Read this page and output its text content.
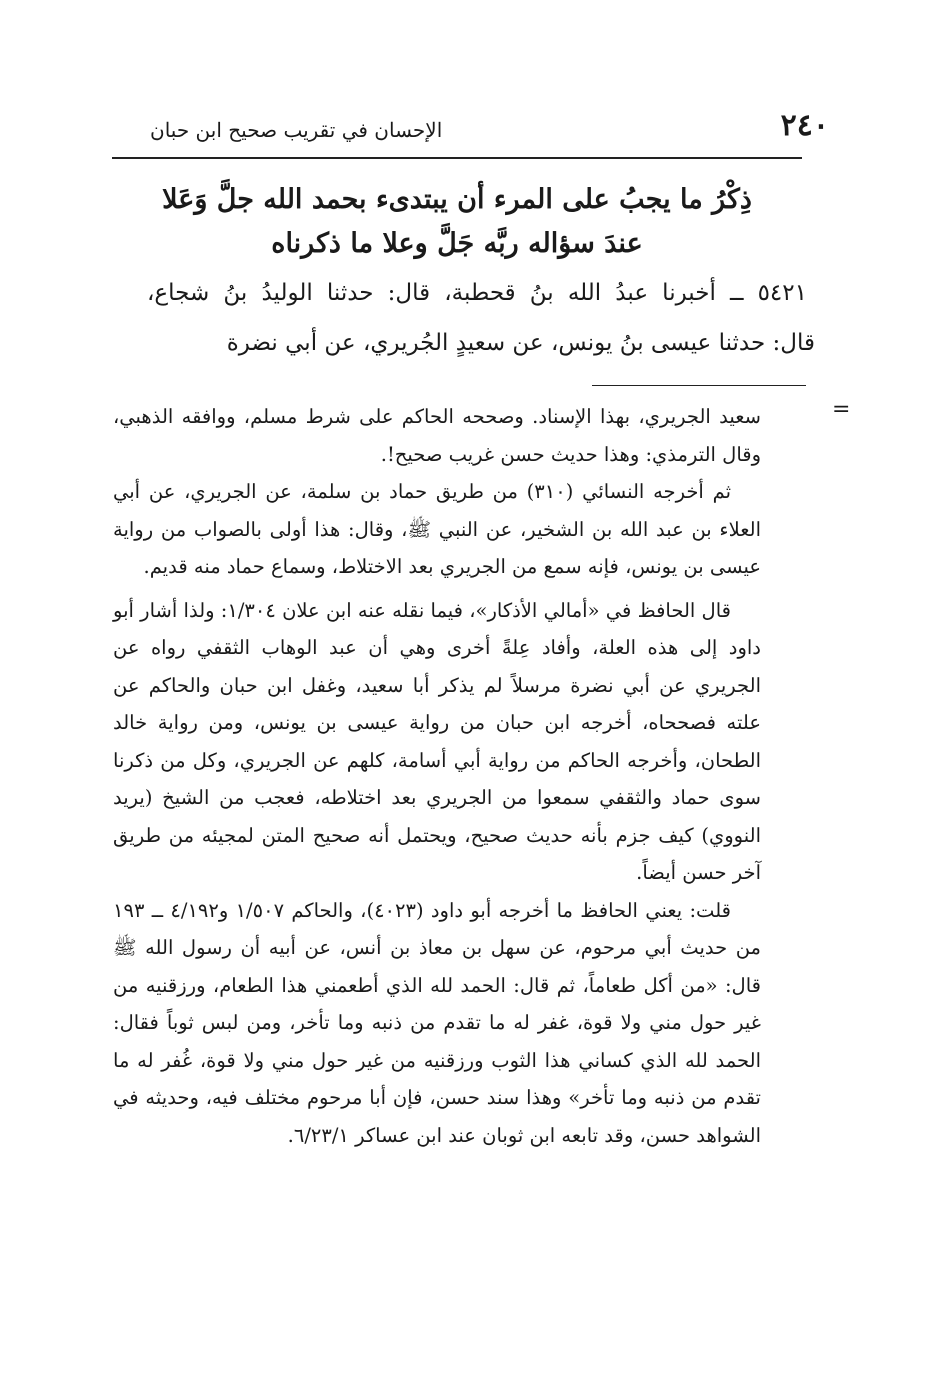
٢٤٠
الإحسان في تقريب صحيح ابن حبان
ذِكْرُ ما يجبُ على المرء أن يبتدىء بحمد الله جلَّ وَعَلا
عندَ سؤاله ربَّه جَلَّ وعلا ما ذكرناه
٥٤٢١ ــ أخبرنا عبدُ الله بنُ قحطبة، قال: حدثنا الوليدُ بنُ شجاع،
قال: حدثنا عيسى بنُ يونس، عن سعيدٍ الجُريري، عن أبي نضرة
=

سعيد الجريري، بهذا الإسناد. وصححه الحاكم على شرط مسلم، ووافقه الذهبي، وقال الترمذي: وهذا حديث حسن غريب صحيح!.

ثم أخرجه النسائي (٣١٠) من طريق حماد بن سلمة، عن الجريري، عن أبي العلاء بن عبد الله بن الشخير، عن النبي ﷺ، وقال: هذا أولى بالصواب من رواية عيسى بن يونس، فإنه سمع من الجريري بعد الاختلاط، وسماع حماد منه قديم.

قال الحافظ في «أمالي الأذكار»، فيما نقله عنه ابن علان ١/٣٠٤: ولذا أشار أبو داود إلى هذه العلة، وأفاد عِلةً أخرى وهي أن عبد الوهاب الثقفي رواه عن الجريري عن أبي نضرة مرسلاً لم يذكر أبا سعيد، وغفل ابن حبان والحاكم عن علته فصححاه، أخرجه ابن حبان من رواية عيسى بن يونس، ومن رواية خالد الطحان، وأخرجه الحاكم من رواية أبي أسامة، كلهم عن الجريري، وكل من ذكرنا سوى حماد والثقفي سمعوا من الجريري بعد اختلاطه، فعجب من الشيخ (يريد النووي) كيف جزم بأنه حديث صحيح، ويحتمل أنه صحيح المتن لمجيئه من طريق آخر حسن أيضاً.

قلت: يعني الحافظ ما أخرجه أبو داود (٤٠٢٣)، والحاكم ١/٥٠٧ و٤/١٩٢ ــ ١٩٣ من حديث أبي مرحوم، عن سهل بن معاذ بن أنس، عن أبيه أن رسول الله ﷺ قال: «من أكل طعاماً، ثم قال: الحمد لله الذي أطعمني هذا الطعام، ورزقنيه من غير حول مني ولا قوة، غفر له ما تقدم من ذنبه وما تأخر، ومن لبس ثوباً فقال: الحمد لله الذي كساني هذا الثوب ورزقنيه من غير حول مني ولا قوة، غُفر له ما تقدم من ذنبه وما تأخر» وهذا سند حسن، فإن أبا مرحوم مختلف فيه، وحديثه في الشواهد حسن، وقد تابعه ابن ثوبان عند ابن عساكر ٦/٢٣/١.
